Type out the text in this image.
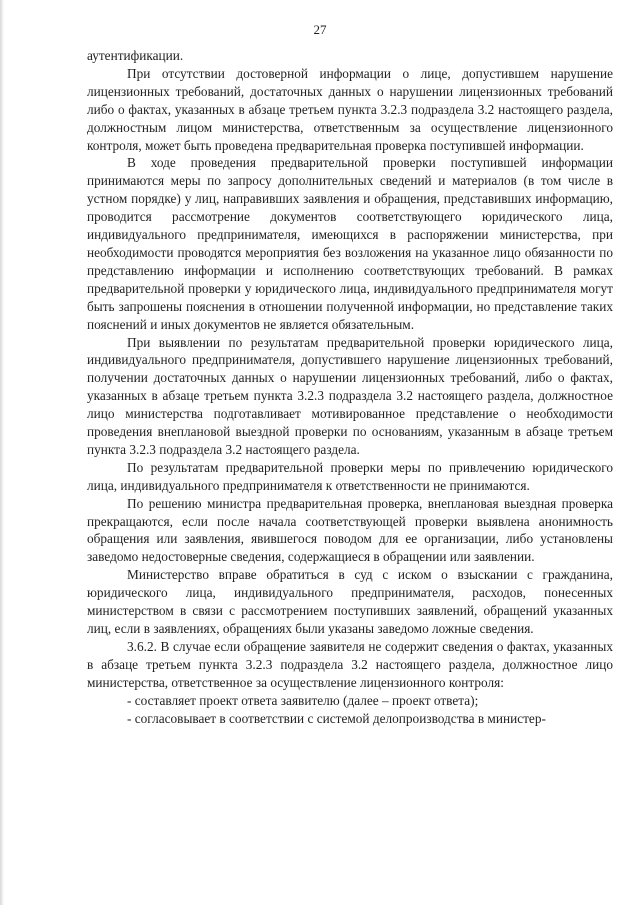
27

аутентификации.

При отсутствии достоверной информации о лице, допустившем нарушение лицензионных требований, достаточных данных о нарушении лицензионных требований либо о фактах, указанных в абзаце третьем пункта 3.2.3 подраздела 3.2 настоящего раздела, должностным лицом министерства, ответственным за осуществление лицензионного контроля, может быть проведена предварительная проверка поступившей информации.

В ходе проведения предварительной проверки поступившей информации принимаются меры по запросу дополнительных сведений и материалов (в том числе в устном порядке) у лиц, направивших заявления и обращения, представивших информацию, проводится рассмотрение документов соответствующего юридического лица, индивидуального предпринимателя, имеющихся в распоряжении министерства, при необходимости проводятся мероприятия без возложения на указанное лицо обязанности по представлению информации и исполнению соответствующих требований. В рамках предварительной проверки у юридического лица, индивидуального предпринимателя могут быть запрошены пояснения в отношении полученной информации, но представление таких пояснений и иных документов не является обязательным.

При выявлении по результатам предварительной проверки юридического лица, индивидуального предпринимателя, допустившего нарушение лицензионных требований, получении достаточных данных о нарушении лицензионных требований, либо о фактах, указанных в абзаце третьем пункта 3.2.3 подраздела 3.2 настоящего раздела, должностное лицо министерства подготавливает мотивированное представление о необходимости проведения внеплановой выездной проверки по основаниям, указанным в абзаце третьем пункта 3.2.3 подраздела 3.2 настоящего раздела.

По результатам предварительной проверки меры по привлечению юридического лица, индивидуального предпринимателя к ответственности не принимаются.

По решению министра предварительная проверка, внеплановая выездная проверка прекращаются, если после начала соответствующей проверки выявлена анонимность обращения или заявления, явившегося поводом для ее организации, либо установлены заведомо недостоверные сведения, содержащиеся в обращении или заявлении.

Министерство вправе обратиться в суд с иском о взыскании с гражданина, юридического лица, индивидуального предпринимателя, расходов, понесенных министерством в связи с рассмотрением поступивших заявлений, обращений указанных лиц, если в заявлениях, обращениях были указаны заведомо ложные сведения.

3.6.2. В случае если обращение заявителя не содержит сведения о фактах, указанных в абзаце третьем пункта 3.2.3 подраздела 3.2 настоящего раздела, должностное лицо министерства, ответственное за осуществление лицензионного контроля:

- составляет проект ответа заявителю (далее – проект ответа);

- согласовывает в соответствии с системой делопроизводства в министер-
